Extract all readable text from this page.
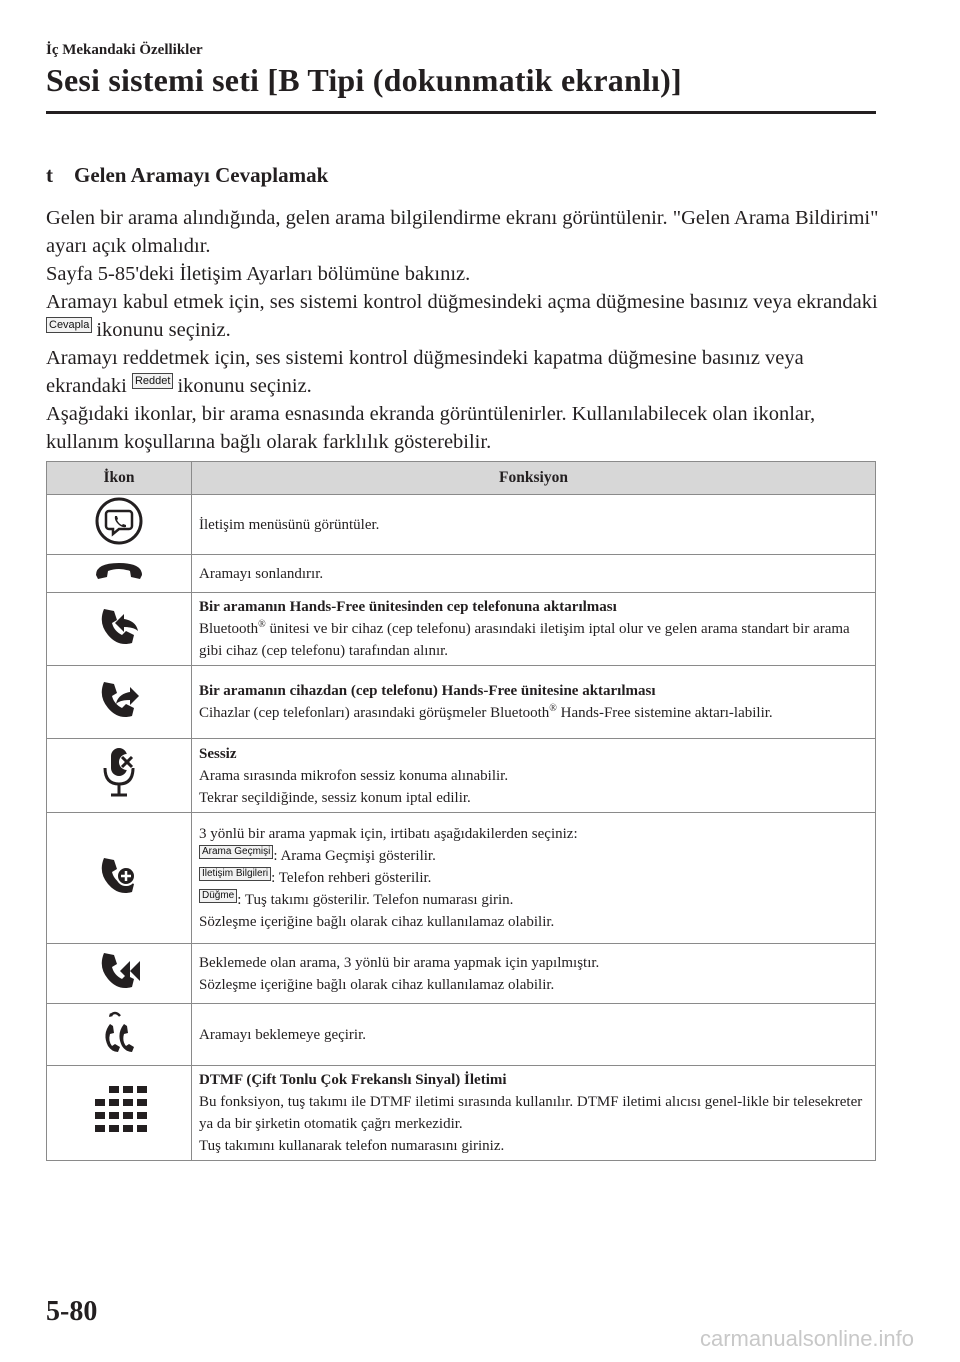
İç Mekandaki Özellikler
Sesi sistemi seti [B Tipi (dokunmatik ekranlı)]
t Gelen Aramayı Cevaplamak

Gelen bir arama alındığında, gelen arama bilgilendirme ekranı görüntülenir. "Gelen Arama Bildirimi" ayarı açık olmalıdır.

Sayfa 5-85'deki İletişim Ayarları bölümüne bakınız.

Aramayı kabul etmek için, ses sistemi kontrol düğmesindeki açma düğmesine basınız veya ekrandaki Cevapla ikonunu seçiniz.

Aramayı reddetmek için, ses sistemi kontrol düğmesindeki kapatma düğmesine basınız veya ekrandaki Reddet ikonunu seçiniz.

Aşağıdaki ikonlar, bir arama esnasında ekranda görüntülenirler. Kullanılabilecek olan ikonlar, kullanım koşullarına bağlı olarak farklılık gösterebilir.

İkon	Fonksiyon
	İletişim menüsünü görüntüler.
	Aramayı sonlandırır.

Bir aramanın Hands-Free ünitesinden cep telefonuna aktarılması
Bluetooth® ünitesi ve bir cihaz (cep telefonu) arasındaki iletişim iptal olur ve gelen arama standart bir arama gibi cihaz (cep telefonu) tarafından alınır.

Bir aramanın cihazdan (cep telefonu) Hands-Free ünitesine aktarılması
Cihazlar (cep telefonları) arasındaki görüşmeler Bluetooth® Hands-Free sistemine aktarı-labilir.

Sessiz
Arama sırasında mikrofon sessiz konuma alınabilir.
Tekrar seçildiğinde, sessiz konum iptal edilir.

3 yönlü bir arama yapmak için, irtibatı aşağıdakilerden seçiniz:
Arama Geçmişi : Arama Geçmişi gösterilir.
İletişim Bilgileri : Telefon rehberi gösterilir.
Düğme : Tuş takımı gösterilir. Telefon numarası girin.
Sözleşme içeriğine bağlı olarak cihaz kullanılamaz olabilir.

Beklemede olan arama, 3 yönlü bir arama yapmak için yapılmıştır.
Sözleşme içeriğine bağlı olarak cihaz kullanılamaz olabilir.

	Aramayı beklemeye geçirir.

DTMF (Çift Tonlu Çok Frekanslı Sinyal) İletimi
Bu fonksiyon, tuş takımı ile DTMF iletimi sırasında kullanılır. DTMF iletimi alıcısı genel-likle bir telesekreter ya da bir şirketin otomatik çağrı merkezidir.
Tuş takımını kullanarak telefon numarasını giriniz.
5-80
carmanualsonline.info
